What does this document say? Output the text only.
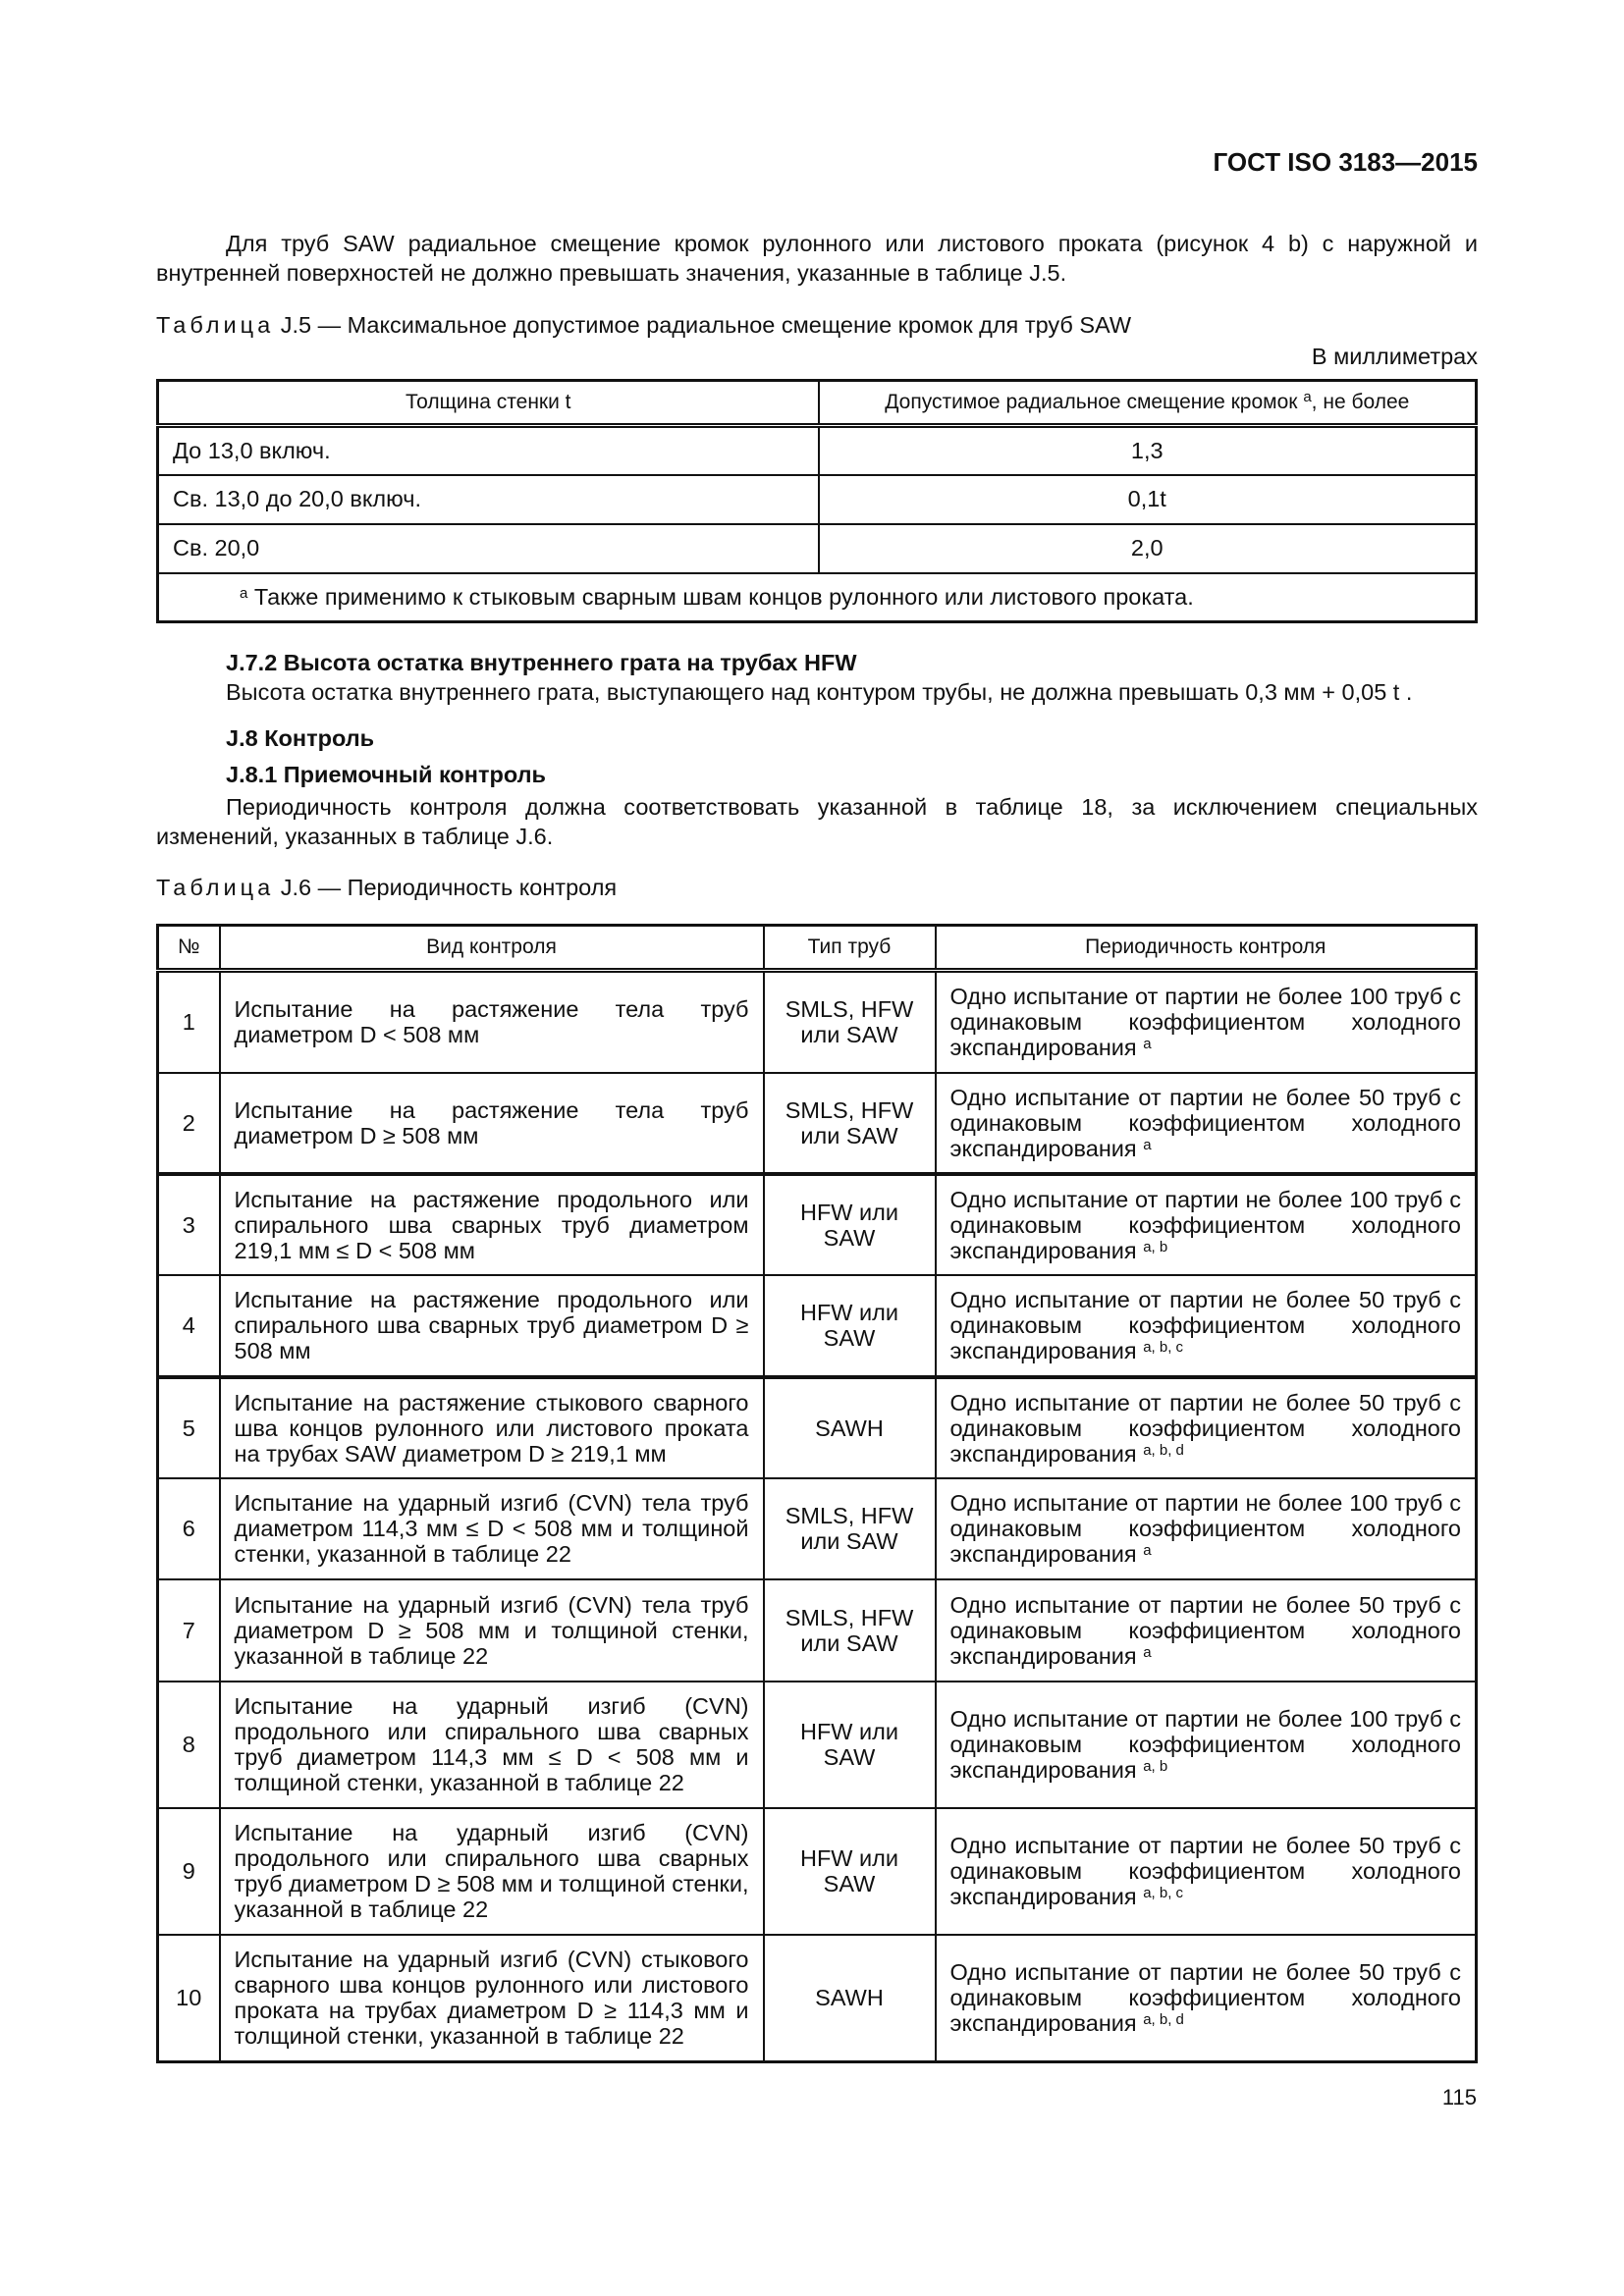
ГОСТ ISO 3183—2015
Для труб SAW радиальное смещение кромок рулонного или листового проката (рисунок 4 b) с наружной и внутренней поверхностей не должно превышать значения, указанные в таблице J.5.
Таблица J.5 — Максимальное допустимое радиальное смещение кромок для труб SAW
В миллиметрах
Толщина стенки t	Допустимое радиальное смещение кромок $^a$, не более
До 13,0 включ.	1,3
Св. 13,0 до 20,0 включ.	0,1t
Св. 20,0	2,0
$^a$ Также применимо к стыковым сварным швам концов рулонного или листового проката.	
J.7.2 Высота остатка внутреннего грата на трубах HFW
Высота остатка внутреннего грата, выступающего над контуром трубы, не должна превышать 0,3 мм + 0,05 t .
J.8 Контроль
J.8.1 Приемочный контроль
Периодичность контроля должна соответствовать указанной в таблице 18, за исключением специальных изменений, указанных в таблице J.6.
Таблица J.6 — Периодичность контроля
№	Вид контроля	Тип труб	Периодичность контроля
1	Испытание на растяжение тела труб диаметром D < 508 мм	SMLS, HFW или SAW	Одно испытание от партии не более 100 труб с одинаковым коэффициентом холодного экспандирования $^a$
2	Испытание на растяжение тела труб диаметром D ≥ 508 мм	SMLS, HFW или SAW	Одно испытание от партии не более 50 труб с одинаковым коэффициентом холодного экспандирования $^a$
3	Испытание на растяжение продольного или спирального шва сварных труб диаметром 219,1 мм ≤ D < 508 мм	HFW или SAW	Одно испытание от партии не более 100 труб с одинаковым коэффициентом холодного экспандирования $^{a, b}$
4	Испытание на растяжение продольного или спирального шва сварных труб диаметром D ≥ 508 мм	HFW или SAW	Одно испытание от партии не более 50 труб с одинаковым коэффициентом холодного экспандирования $^{a, b, c}$
5	Испытание на растяжение стыкового сварного шва концов рулонного или листового проката на трубах SAW диаметром D ≥ 219,1 мм	SAWH	Одно испытание от партии не более 50 труб с одинаковым коэффициентом холодного экспандирования $^{a, b, d}$
6	Испытание на ударный изгиб (CVN) тела труб диаметром 114,3 мм ≤ D < 508 мм и толщиной стенки, указанной в таблице 22	SMLS, HFW или SAW	Одно испытание от партии не более 100 труб с одинаковым коэффициентом холодного экспандирования $^a$
7	Испытание на ударный изгиб (CVN) тела труб диаметром D ≥ 508 мм и толщиной стенки, указанной в таблице 22	SMLS, HFW или SAW	Одно испытание от партии не более 50 труб с одинаковым коэффициентом холодного экспандирования $^a$
8	Испытание на ударный изгиб (CVN) продольного или спирального шва сварных труб диаметром 114,3 мм ≤ D < 508 мм и толщиной стенки, указанной в таблице 22	HFW или SAW	Одно испытание от партии не более 100 труб с одинаковым коэффициентом холодного экспандирования $^{a, b}$
9	Испытание на ударный изгиб (CVN) продольного или спирального шва сварных труб диаметром D ≥ 508 мм и толщиной стенки, указанной в таблице 22	HFW или SAW	Одно испытание от партии не более 50 труб с одинаковым коэффициентом холодного экспандирования $^{a, b, c}$
10	Испытание на ударный изгиб (CVN) стыкового сварного шва концов рулонного или листового проката на трубах диаметром D ≥ 114,3 мм и толщиной стенки, указанной в таблице 22	SAWH	Одно испытание от партии не более 50 труб с одинаковым коэффициентом холодного экспандирования $^{a, b, d}$
115
